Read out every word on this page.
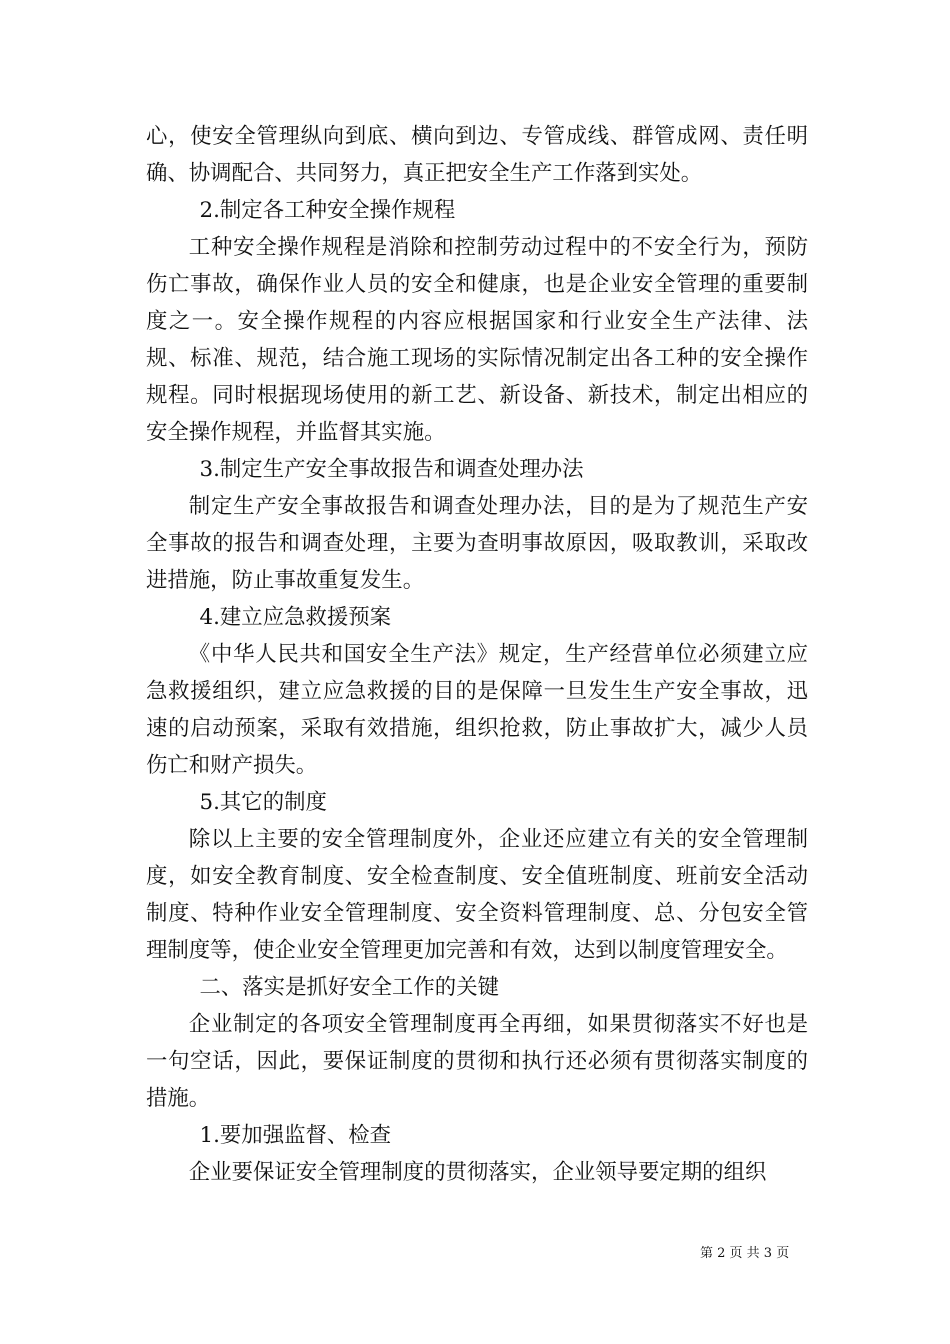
心，使安全管理纵向到底、横向到边、专管成线、群管成网、责任明确、协调配合、共同努力，真正把安全生产工作落到实处。

2.制定各工种安全操作规程

工种安全操作规程是消除和控制劳动过程中的不安全行为，预防伤亡事故，确保作业人员的安全和健康，也是企业安全管理的重要制度之一。安全操作规程的内容应根据国家和行业安全生产法律、法规、标准、规范，结合施工现场的实际情况制定出各工种的安全操作规程。同时根据现场使用的新工艺、新设备、新技术，制定出相应的安全操作规程，并监督其实施。

3.制定生产安全事故报告和调查处理办法

制定生产安全事故报告和调查处理办法，目的是为了规范生产安全事故的报告和调查处理，主要为查明事故原因，吸取教训，采取改进措施，防止事故重复发生。

4.建立应急救援预案

《中华人民共和国安全生产法》规定，生产经营单位必须建立应急救援组织，建立应急救援的目的是保障一旦发生生产安全事故，迅速的启动预案，采取有效措施，组织抢救，防止事故扩大，减少人员伤亡和财产损失。

5.其它的制度

除以上主要的安全管理制度外，企业还应建立有关的安全管理制度，如安全教育制度、安全检查制度、安全值班制度、班前安全活动制度、特种作业安全管理制度、安全资料管理制度、总、分包安全管理制度等，使企业安全管理更加完善和有效，达到以制度管理安全。

二、落实是抓好安全工作的关键

企业制定的各项安全管理制度再全再细，如果贯彻落实不好也是一句空话，因此，要保证制度的贯彻和执行还必须有贯彻落实制度的措施。

1.要加强监督、检查

企业要保证安全管理制度的贯彻落实，企业领导要定期的组织

第 2 页 共 3 页
